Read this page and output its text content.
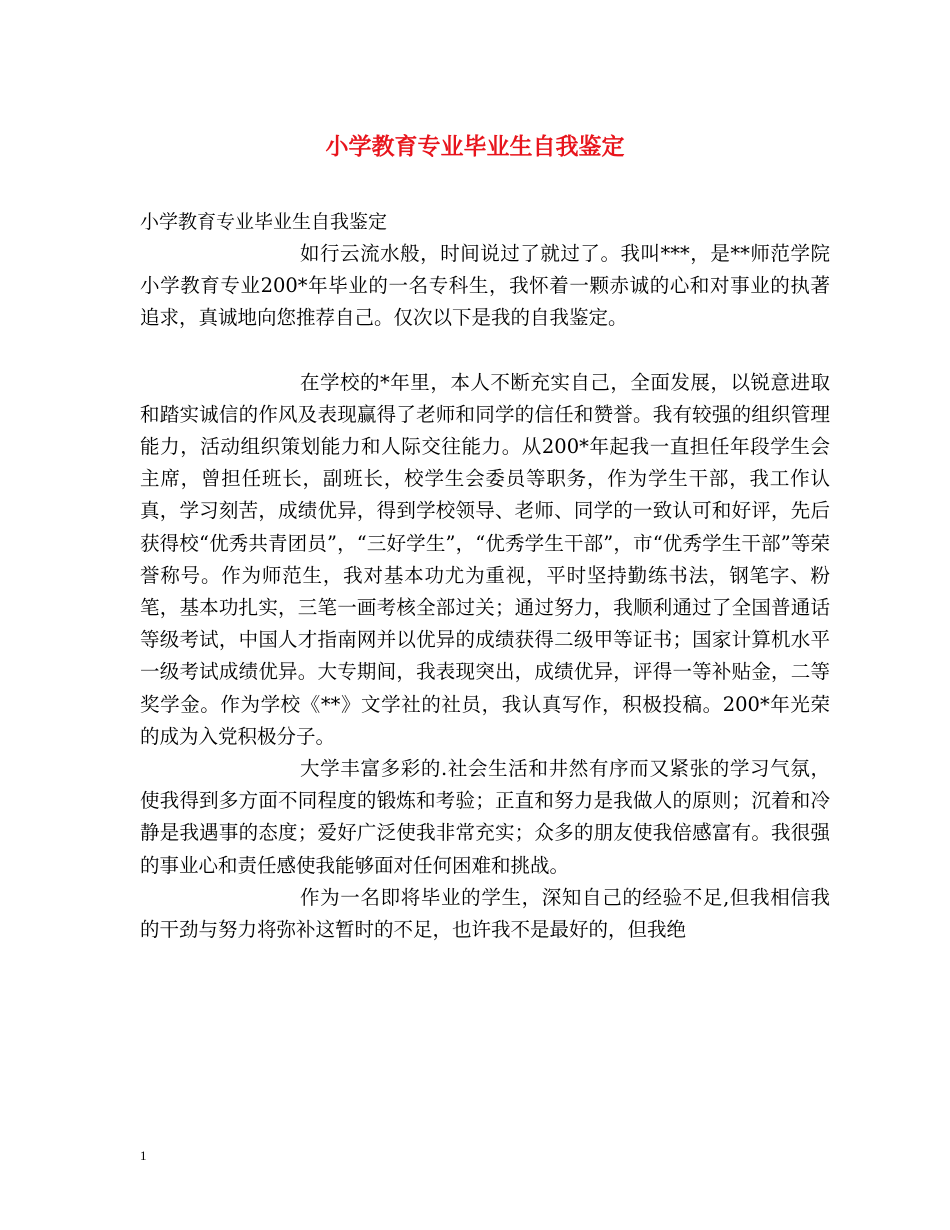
小学教育专业毕业生自我鉴定
小学教育专业毕业生自我鉴定

如行云流水般，时间说过了就过了。我叫***，是**师范学院小学教育专业200*年毕业的一名专科生，我怀着一颗赤诚的心和对事业的执著追求，真诚地向您推荐自己。仅次以下是我的自我鉴定。

在学校的*年里，本人不断充实自己，全面发展，以锐意进取和踏实诚信的作风及表现赢得了老师和同学的信任和赞誉。我有较强的组织管理能力，活动组织策划能力和人际交往能力。从200*年起我一直担任年段学生会主席，曾担任班长，副班长，校学生会委员等职务，作为学生干部，我工作认真，学习刻苦，成绩优异，得到学校领导、老师、同学的一致认可和好评，先后获得校“优秀共青团员”，“三好学生”，“优秀学生干部”，市“优秀学生干部”等荣誉称号。作为师范生，我对基本功尤为重视，平时坚持勤练书法，钢笔字、粉笔，基本功扎实，三笔一画考核全部过关；通过努力，我顺利通过了全国普通话等级考试，中国人才指南网并以优异的成绩获得二级甲等证书；国家计算机水平一级考试成绩优异。大专期间，我表现突出，成绩优异，评得一等补贴金，二等奖学金。作为学校《**》文学社的社员，我认真写作，积极投稿。200*年光荣的成为入党积极分子。

大学丰富多彩的.社会生活和井然有序而又紧张的学习气氛，使我得到多方面不同程度的锻炼和考验；正直和努力是我做人的原则；沉着和冷静是我遇事的态度；爱好广泛使我非常充实；众多的朋友使我倍感富有。我很强的事业心和责任感使我能够面对任何困难和挑战。

作为一名即将毕业的学生，深知自己的经验不足,但我相信我的干劲与努力将弥补这暂时的不足，也许我不是最好的，但我绝

1
